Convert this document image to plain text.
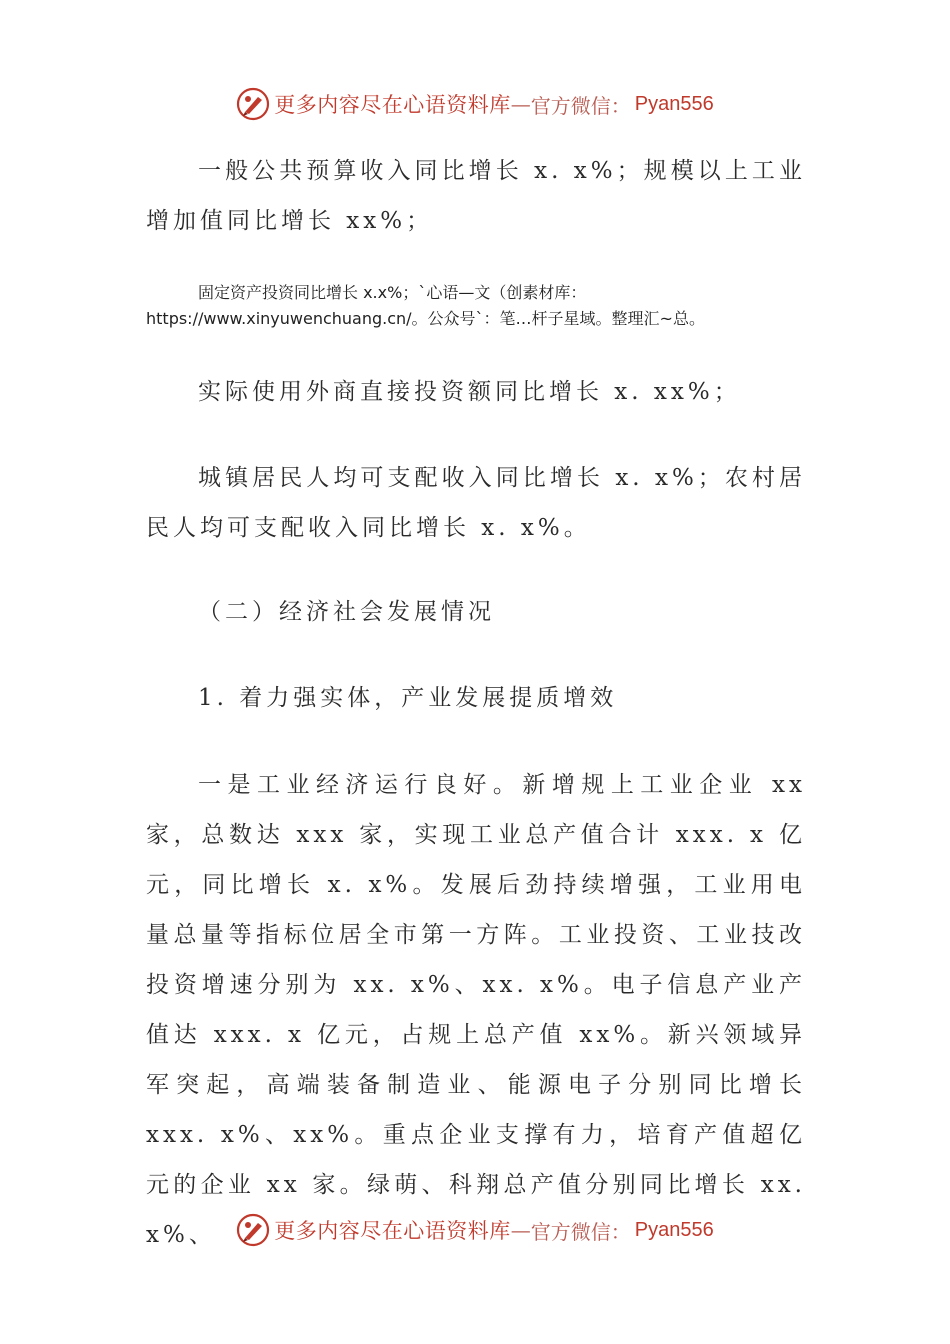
更多内容尽在心语资料库 — 官方微信： Pyan556
一般公共预算收入同比增长 x. x%；规模以上工业增加值同比增长 xx%；
固定资产投资同比增长 x.x%；`心语—文（创素材库：https://www.xinyuwenchuang.cn/。公众号`：笔…杆子星域。整理汇~总。
实际使用外商直接投资额同比增长 x. xx%；
城镇居民人均可支配收入同比增长 x. x%；农村居民人均可支配收入同比增长 x. x%。
（二）经济社会发展情况
1. 着力强实体，产业发展提质增效
一是工业经济运行良好。新增规上工业企业 xx 家，总数达 xxx 家，实现工业总产值合计 xxx. x 亿元，同比增长 x. x%。发展后劲持续增强，工业用电量总量等指标位居全市第一方阵。工业投资、工业技改投资增速分别为 xx. x%、xx. x%。电子信息产业产值达 xxx. x 亿元，占规上总产值 xx%。新兴领域异军突起，高端装备制造业、能源电子分别同比增长 xxx. x%、xx%。重点企业支撑有力，培育产值超亿元的企业 xx 家。绿萌、科翔总产值分别同比增长 xx. x%、	更多内容尽在心语资料库 — 官方微信： Pyan556
